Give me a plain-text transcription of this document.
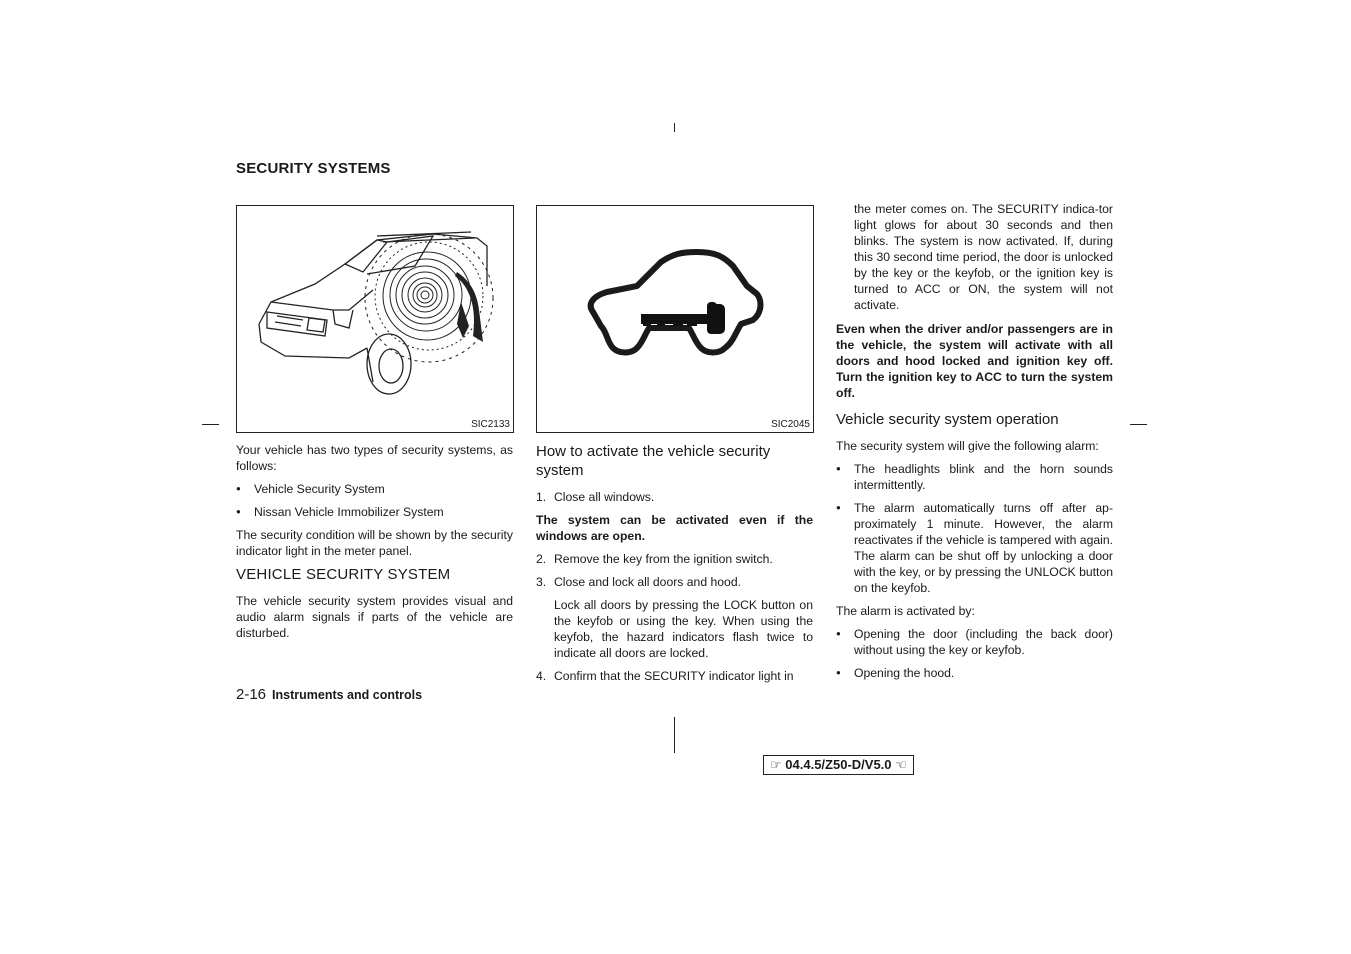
SECURITY SYSTEMS
SIC2133	SIC2045

Your vehicle has two types of security systems, as follows:

● Vehicle Security System
● Nissan Vehicle Immobilizer System

The security condition will be shown by the security indicator light in the meter panel.

VEHICLE SECURITY SYSTEM

The vehicle security system provides visual and audio alarm signals if parts of the vehicle are disturbed.

How to activate the vehicle security system
1. Close all windows.

The system can be activated even if the windows are open.

2. Remove the key from the ignition switch.
3. Close and lock all doors and hood.

Lock all doors by pressing the LOCK button on the keyfob or using the key. When using the keyfob, the hazard indicators flash twice to indicate all doors are locked.

4. Confirm that the SECURITY indicator light in

the meter comes on. The SECURITY indica-tor light glows for about 30 seconds and then blinks. The system is now activated. If, during this 30 second time period, the door is unlocked by the key or the keyfob, or the ignition key is turned to ACC or ON, the system will not activate.

Even when the driver and/or passengers are in the vehicle, the system will activate with all doors and hood locked and ignition key off. Turn the ignition key to ACC to turn the system off.

Vehicle security system operation

The security system will give the following alarm:

● The headlights blink and the horn sounds intermittently.
● The alarm automatically turns off after ap-proximately 1 minute. However, the alarm reactivates if the vehicle is tampered with again. The alarm can be shut off by unlocking a door with the key, or by pressing the UNLOCK button on the keyfob.

The alarm is activated by:

● Opening the door (including the back door) without using the key or keyfob.
● Opening the hood.
2-16 Instruments and controls
☞ 04.4.5/Z50-D/V5.0 ☜
